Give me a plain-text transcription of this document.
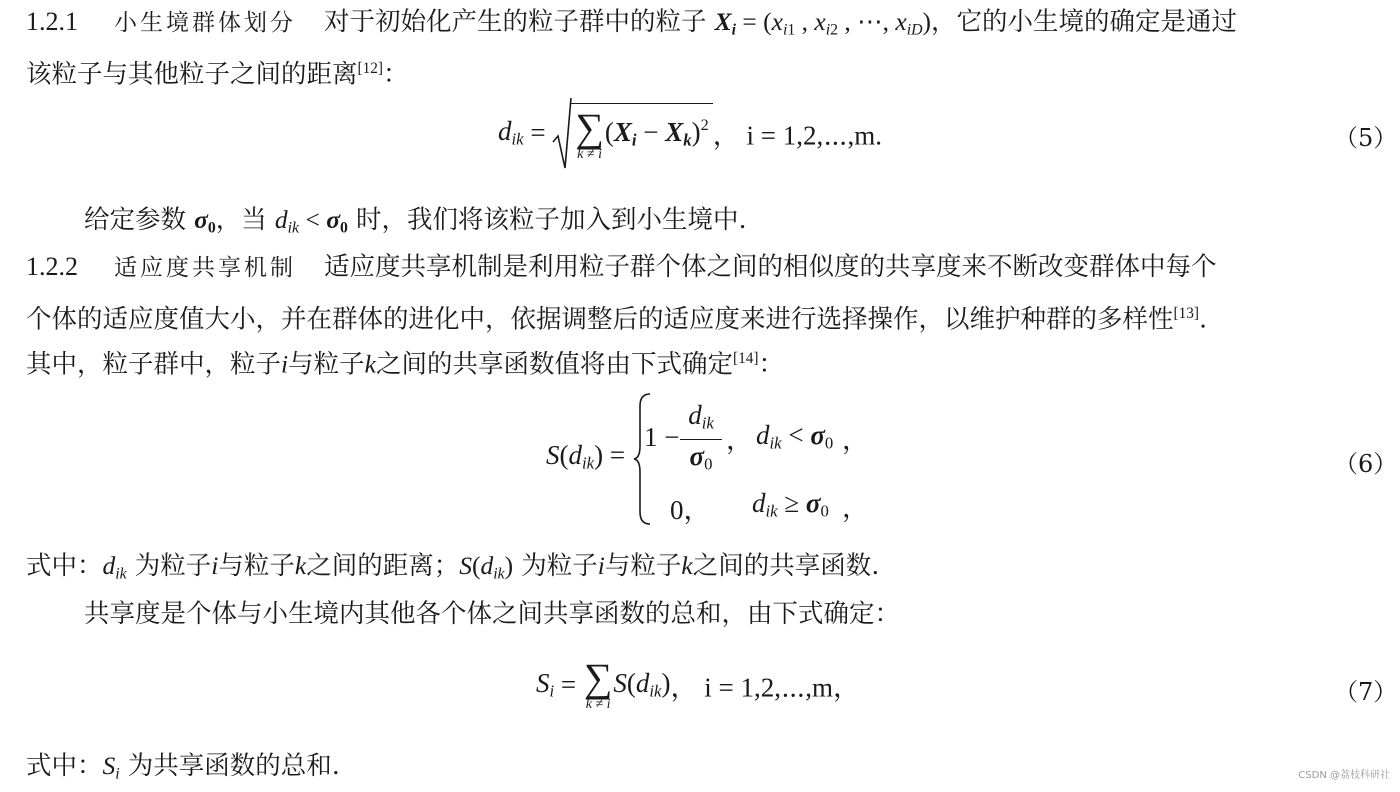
1.2.1 小生境群体划分 对于初始化产生的粒子群中的粒子 $X_i = (x_i1$ , $x_i2$ , ⋯, $x_{iD}$)，它的小生境的确定是通过
该粒子与其他粒子之间的距离[12]：
$d_{ik}$ = ∑
k ≠ i
$(X_i - X_k)^2$ ， i = 1,2,⋯,m.	（5）
给定参数 σ0，当 $d_{ik} < \sigma 0$ 时，我们将该粒子加入到小生境中.
1.2.2 适应度共享机制 适应度共享机制是利用粒子群个体之间的相似度的共享度来不断改变群体中每个
个体的适应度值大小，并在群体的进化中，依据调整后的适应度来进行选择操作，以维护种群的多样性[13].
其中，粒子群中，粒子i与粒子k之间的共享函数值将由下式确定[14]：
$S(d_{ik})$ =
1 −
$d_{ik}$
σ0
， $d_{ik} < \sigma 0$ ，
0， $d_{ik} \ge \sigma 0$ ，
（6）
式中：$d_{ik}$ 为粒子i与粒子k之间的距离；$S(d_{ik})$ 为粒子i与粒子k之间的共享函数.
共享度是个体与小生境内其他各个体之间共享函数的总和，由下式确定：
$S_i$ = ∑
k ≠ i
$S(d_{ik})$， i = 1,2,⋯,m，	（7）
式中：$S_i$ 为共享函数的总和.	CSDN @荔枝科研社
